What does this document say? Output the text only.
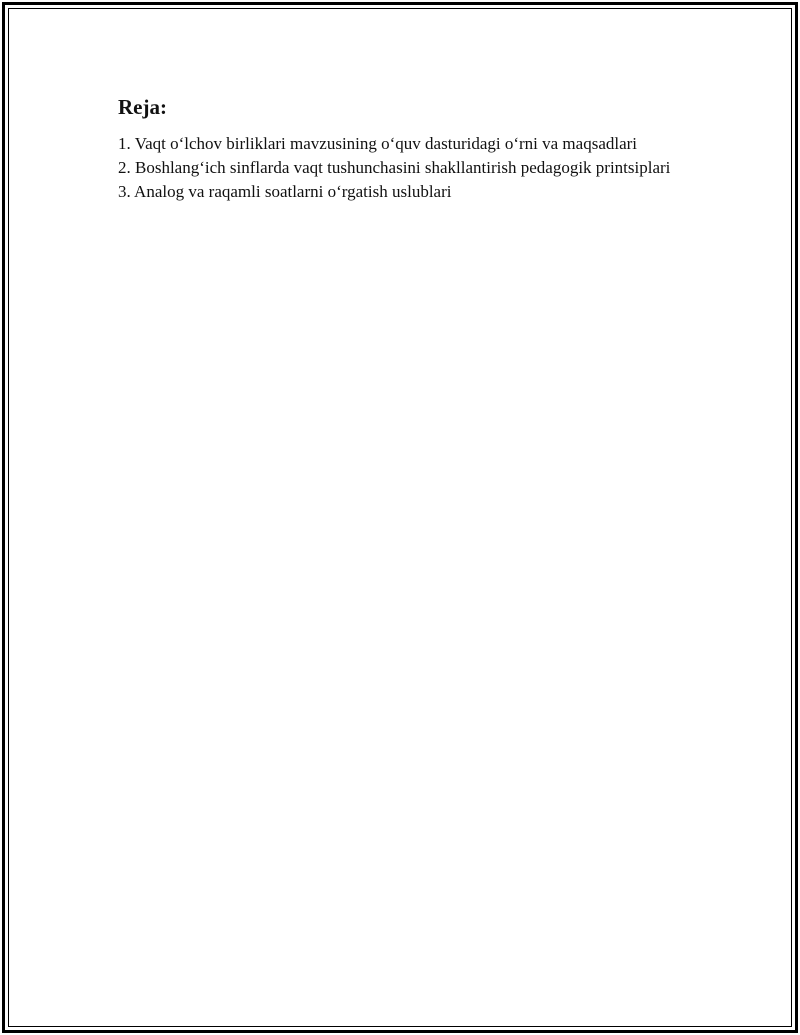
Reja:
1. Vaqt o‘lchov birliklari mavzusining o‘quv dasturidagi o‘rni va maqsadlari
2. Boshlang‘ich sinflarda vaqt tushunchasini shakllantirish pedagogik printsiplari
3. Analog va raqamli soatlarni o‘rgatish uslublari
